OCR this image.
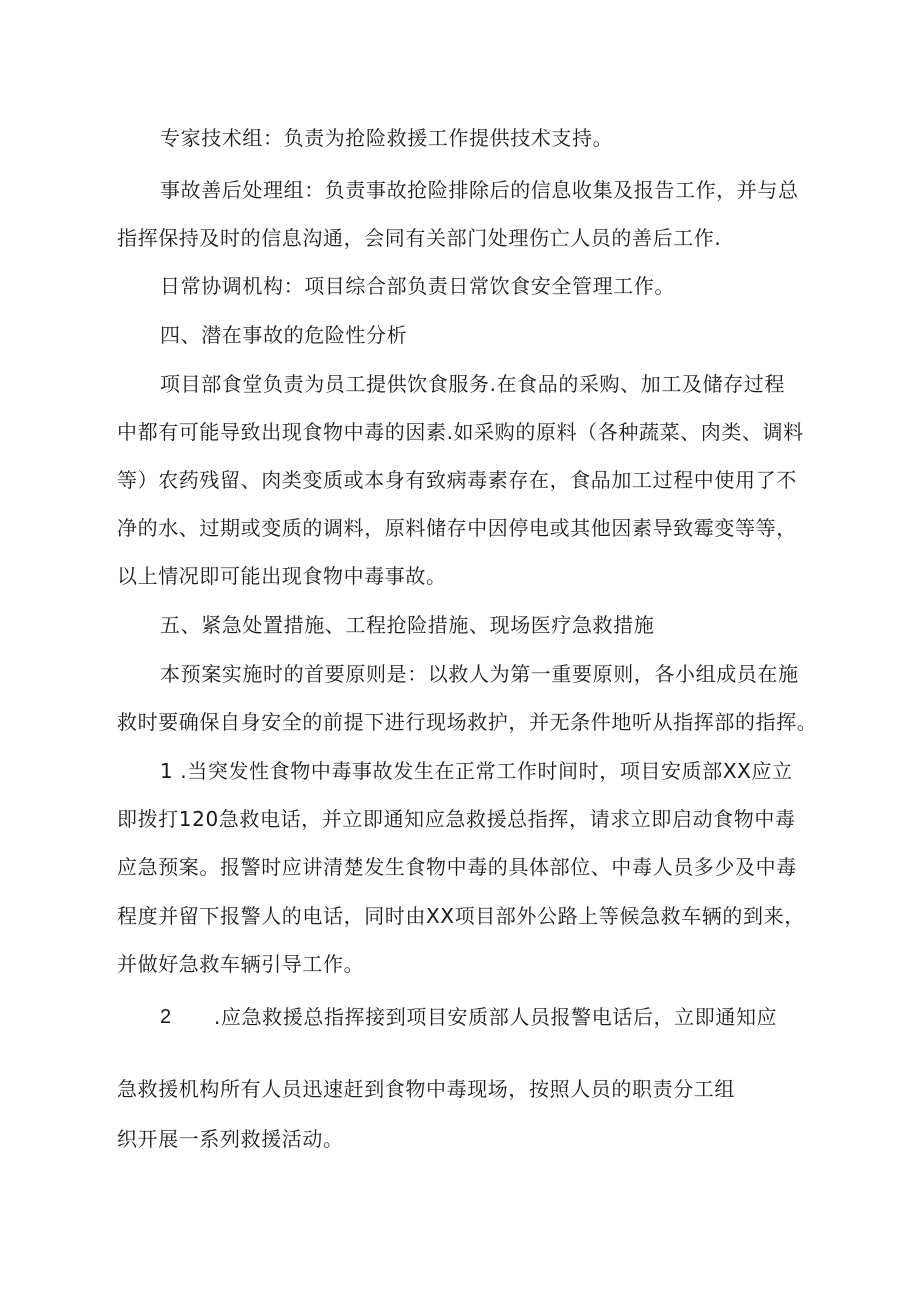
专家技术组：负责为抢险救援工作提供技术支持。
事故善后处理组：负责事故抢险排除后的信息收集及报告工作，并与总
指挥保持及时的信息沟通，会同有关部门处理伤亡人员的善后工作.
日常协调机构：项目综合部负责日常饮食安全管理工作。
四、潜在事故的危险性分析
项目部食堂负责为员工提供饮食服务.在食品的采购、加工及储存过程
中都有可能导致出现食物中毒的因素.如采购的原料（各种蔬菜、肉类、调料
等）农药残留、肉类变质或本身有致病毒素存在，食品加工过程中使用了不
净的水、过期或变质的调料，原料储存中因停电或其他因素导致霉变等等，
以上情况即可能出现食物中毒事故。
五、紧急处置措施、工程抢险措施、现场医疗急救措施
本预案实施时的首要原则是：以救人为第一重要原则，各小组成员在施
救时要确保自身安全的前提下进行现场救护，并无条件地听从指挥部的指挥。
1 .当突发性食物中毒事故发生在正常工作时间时，项目安质部XX应立
即拨打120急救电话，并立即通知应急救援总指挥，请求立即启动食物中毒
应急预案。报警时应讲清楚发生食物中毒的具体部位、中毒人员多少及中毒
程度并留下报警人的电话，同时由XX项目部外公路上等候急救车辆的到来，
并做好急救车辆引导工作。
2 .应急救援总指挥接到项目安质部人员报警电话后，立即通知应
急救援机构所有人员迅速赶到食物中毒现场，按照人员的职责分工组
织开展一系列救援活动。
